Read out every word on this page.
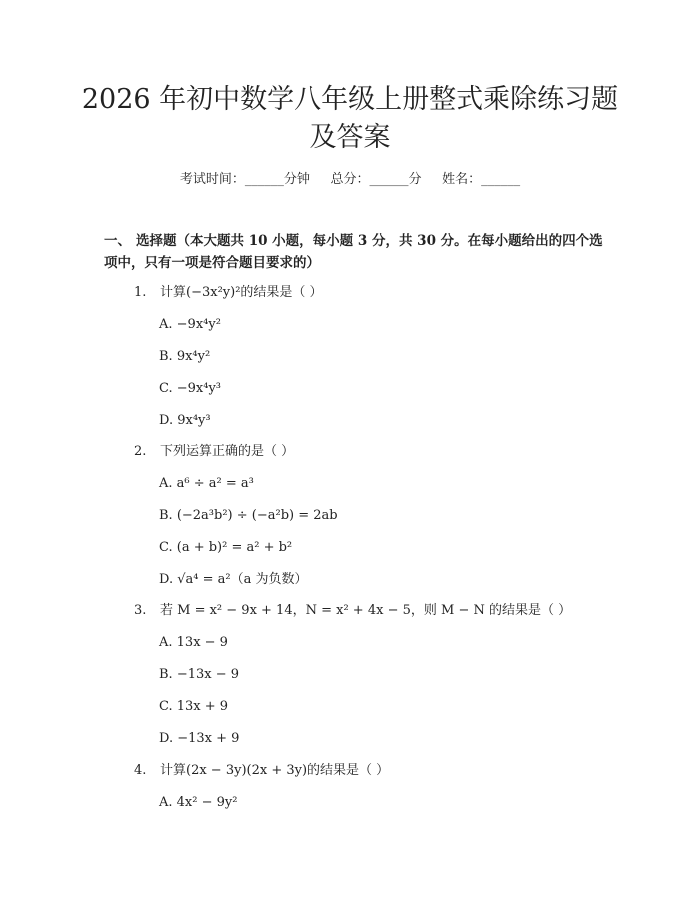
2026 年初中数学八年级上册整式乘除练习题
及答案
考试时间：______分钟     总分：______分     姓名：______
一、 选择题（本大题共 10 小题，每小题 3 分，共 30 分。在每小题给出的四个选
项中，只有一项是符合题目要求的）
1. 计算(−3x²y)²的结果是（ ）
A. −9x⁴y²
B. 9x⁴y²
C. −9x⁴y³
D. 9x⁴y³
2. 下列运算正确的是（ ）
A. a⁶ ÷ a² = a³
B. (−2a³b²) ÷ (−a²b) = 2ab
C. (a + b)² = a² + b²
D. √a⁴ = a²（a 为负数）
3. 若 M = x² − 9x + 14，N = x² + 4x − 5，则 M − N 的结果是（ ）
A. 13x − 9
B. −13x − 9
C. 13x + 9
D. −13x + 9
4. 计算(2x − 3y)(2x + 3y)的结果是（ ）
A. 4x² − 9y²
